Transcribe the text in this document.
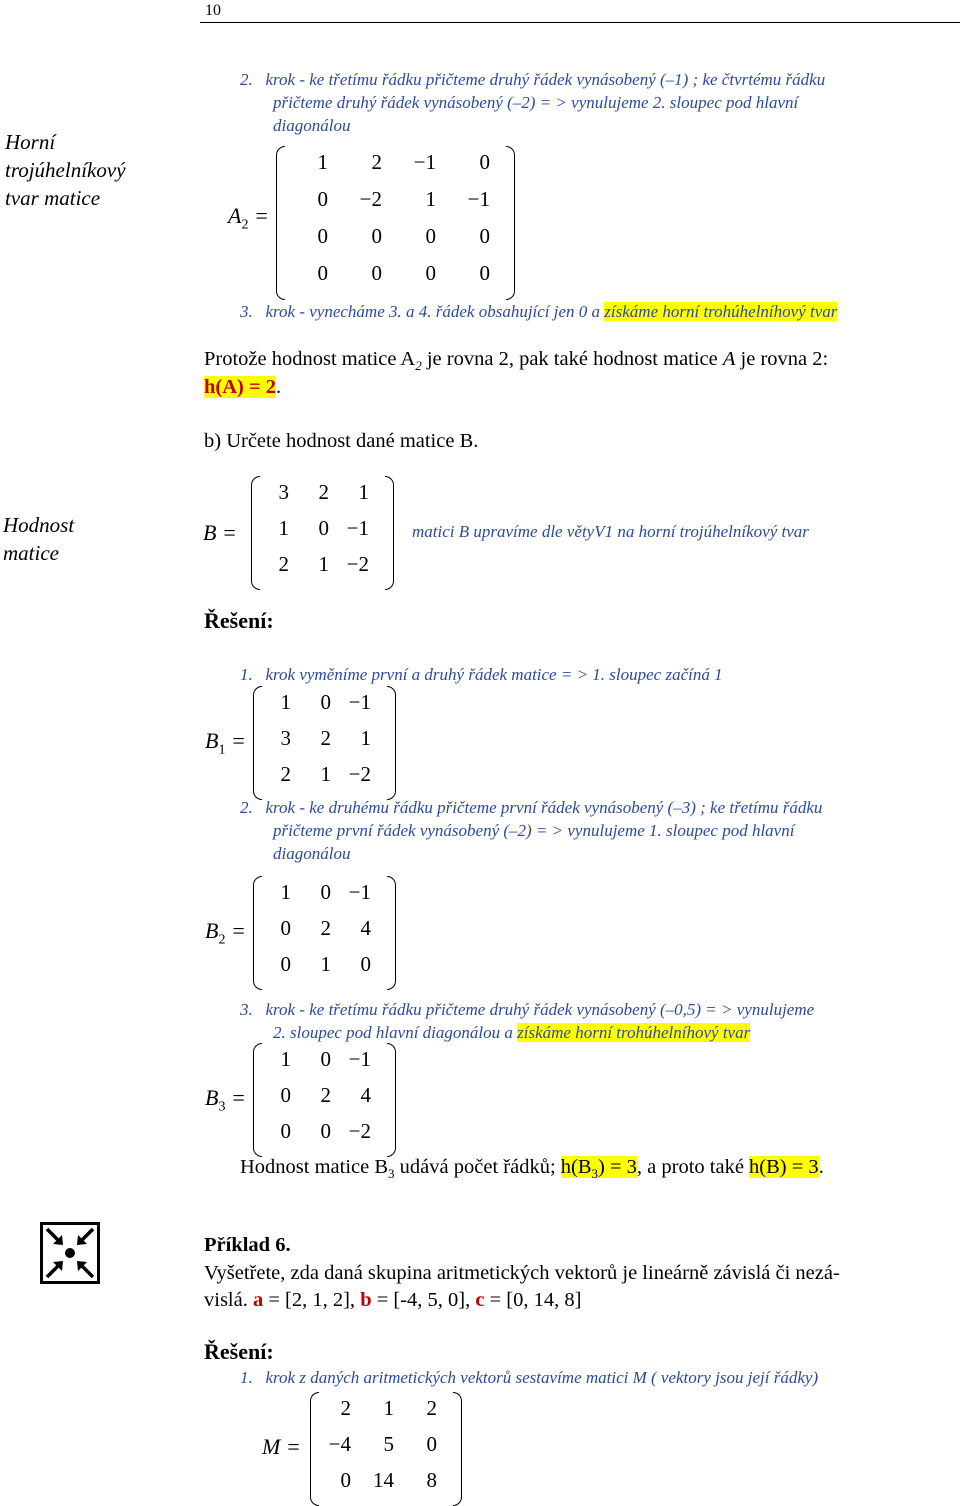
10
Horní
trojúhelníkový
tvar matice
2. krok - ke třetímu řádku přičteme druhý řádek vynásobený (–1) ; ke čtvrtému řádku
přičteme druhý řádek vynásobený (–2) = > vynulujeme 2. sloupec pod hlavní
diagonálou
$A_2$ =
1	2	−1	0
0	−2	1	−1
0	0	0	0
0	0	0	0
3. krok - vynecháme 3. a 4. řádek obsahující jen 0 a získáme horní trohúhelníhový tvar
Protože hodnost matice $A_2$ je rovna 2, pak také hodnost matice A je rovna 2:
h(A) = 2.
b) Určete hodnost dané matice B.
Hodnost
matice
B =
3	2	1
1	0 −1
2	1 −2
matici B upravíme dle větyV1 na horní trojúhelníkový tvar
Řešení:
1. krok vyměníme první a druhý řádek matice = > 1. sloupec začíná 1
$B_1$ =
1	0 −1
3	2	1
2	1 −2
2. krok - ke druhému řádku přičteme první řádek vynásobený (–3) ; ke třetímu řádku
přičteme první řádek vynásobený (–2) = > vynulujeme 1. sloupec pod hlavní
diagonálou
$B_2$ =
1	0 −1
0	2	4
0	1	0
3. krok - ke třetímu řádku přičteme druhý řádek vynásobený (–0,5) = > vynulujeme
2. sloupec pod hlavní diagonálou a získáme horní trohúhelníhový tvar
$B_3$ =
1	0 −1
0	2	4
0	0 −2
Hodnost matice $B_3$ udává počet řádků; $h(B_3) = 3$, a proto také h(B) = 3.
Příklad 6.
Vyšetřete, zda daná skupina aritmetických vektorů je lineárně závislá či nezá-
vislá. a = [2, 1, 2], b = [-4, 5, 0], c = [0, 14, 8]
Řešení:
1. krok z daných aritmetických vektorů sestavíme matici M ( vektory jsou její řádky)
M =
2	1	2
−4	5	0
0	14	8
